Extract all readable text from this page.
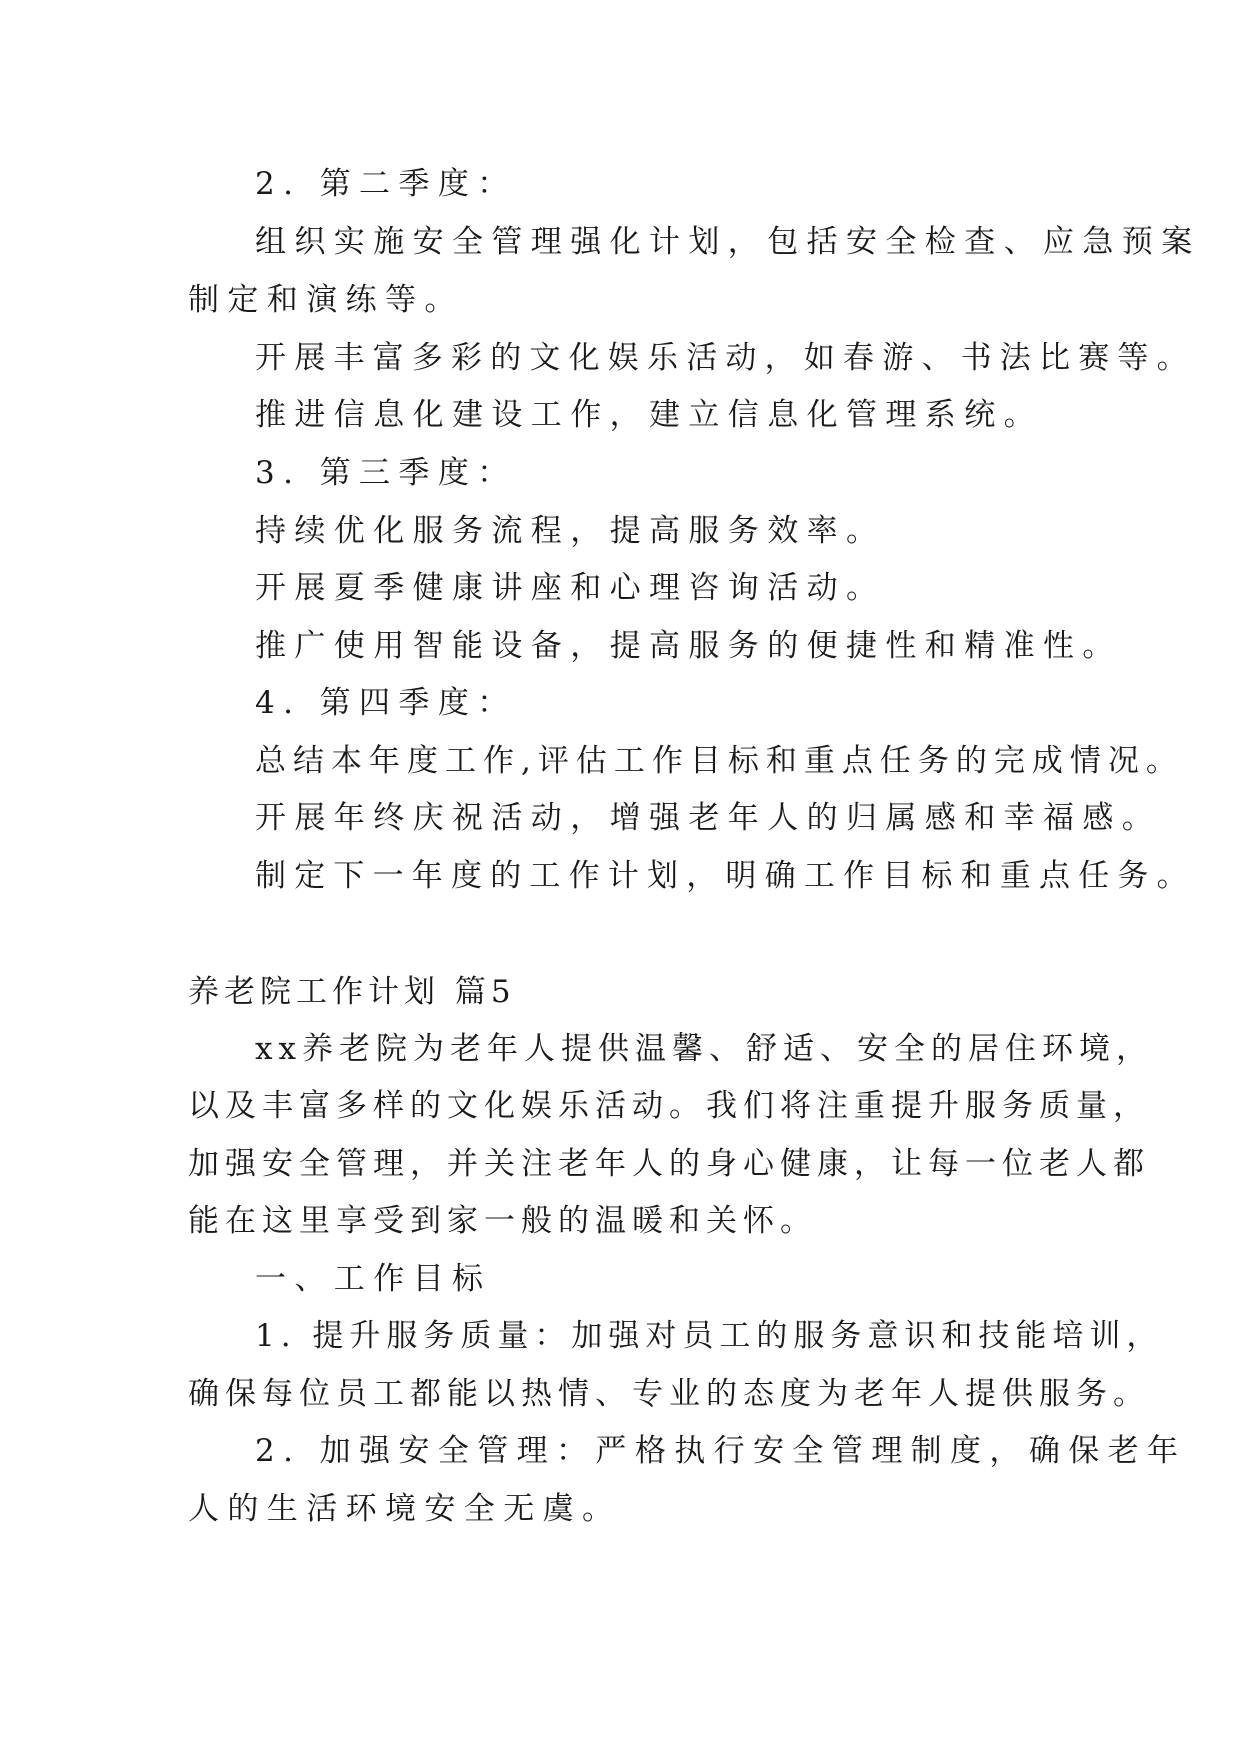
2. 第二季度：
组织实施安全管理强化计划，包括安全检查、应急预案
制定和演练等。
开展丰富多彩的文化娱乐活动，如春游、书法比赛等。
推进信息化建设工作，建立信息化管理系统。
3. 第三季度：
持续优化服务流程，提高服务效率。
开展夏季健康讲座和心理咨询活动。
推广使用智能设备，提高服务的便捷性和精准性。
4. 第四季度：
总结本年度工作,评估工作目标和重点任务的完成情况。
开展年终庆祝活动，增强老年人的归属感和幸福感。
制定下一年度的工作计划，明确工作目标和重点任务。
养老院工作计划 篇5
xx养老院为老年人提供温馨、舒适、安全的居住环境，
以及丰富多样的文化娱乐活动。我们将注重提升服务质量，
加强安全管理，并关注老年人的身心健康，让每一位老人都
能在这里享受到家一般的温暖和关怀。
一、工作目标
1. 提升服务质量：加强对员工的服务意识和技能培训，
确保每位员工都能以热情、专业的态度为老年人提供服务。
2. 加强安全管理：严格执行安全管理制度，确保老年
人的生活环境安全无虞。
